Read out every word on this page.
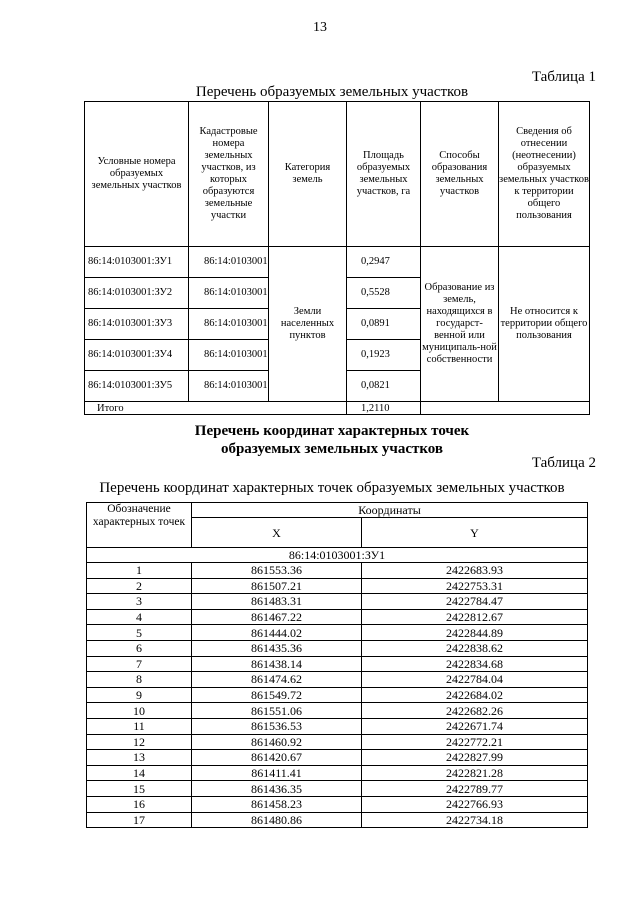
13
Таблица 1
Перечень образуемых земельных участков
Условные номера образуемых земельных участков	Кадастровые номера земельных участков, из которых образуются земельные участки	Категория земель	Площадь образуемых земельных участков, га	Способы образования земельных участков	Сведения об отнесении (неотнесении) образуемых земельных участков к территории общего пользования
86:14:0103001:ЗУ1	86:14:0103001	Земли населенных пунктов	0,2947	Образование из земель, находящихся в государст-венной или муниципаль-ной собственности	Не относится к территории общего пользования
86:14:0103001:ЗУ2	86:14:0103001		0,5528		
86:14:0103001:ЗУ3	86:14:0103001		0,0891		
86:14:0103001:ЗУ4	86:14:0103001		0,1923		
86:14:0103001:ЗУ5	86:14:0103001		0,0821		
Итого			1,2110		
Перечень координат характерных точек
образуемых земельных участков
Таблица 2
Перечень координат характерных точек образуемых земельных участков
Обозначение характерных точек	Координаты	
	X	Y
86:14:0103001:ЗУ1		
1	861553.36	2422683.93
2	861507.21	2422753.31
3	861483.31	2422784.47
4	861467.22	2422812.67
5	861444.02	2422844.89
6	861435.36	2422838.62
7	861438.14	2422834.68
8	861474.62	2422784.04
9	861549.72	2422684.02
10	861551.06	2422682.26
11	861536.53	2422671.74
12	861460.92	2422772.21
13	861420.67	2422827.99
14	861411.41	2422821.28
15	861436.35	2422789.77
16	861458.23	2422766.93
17	861480.86	2422734.18
